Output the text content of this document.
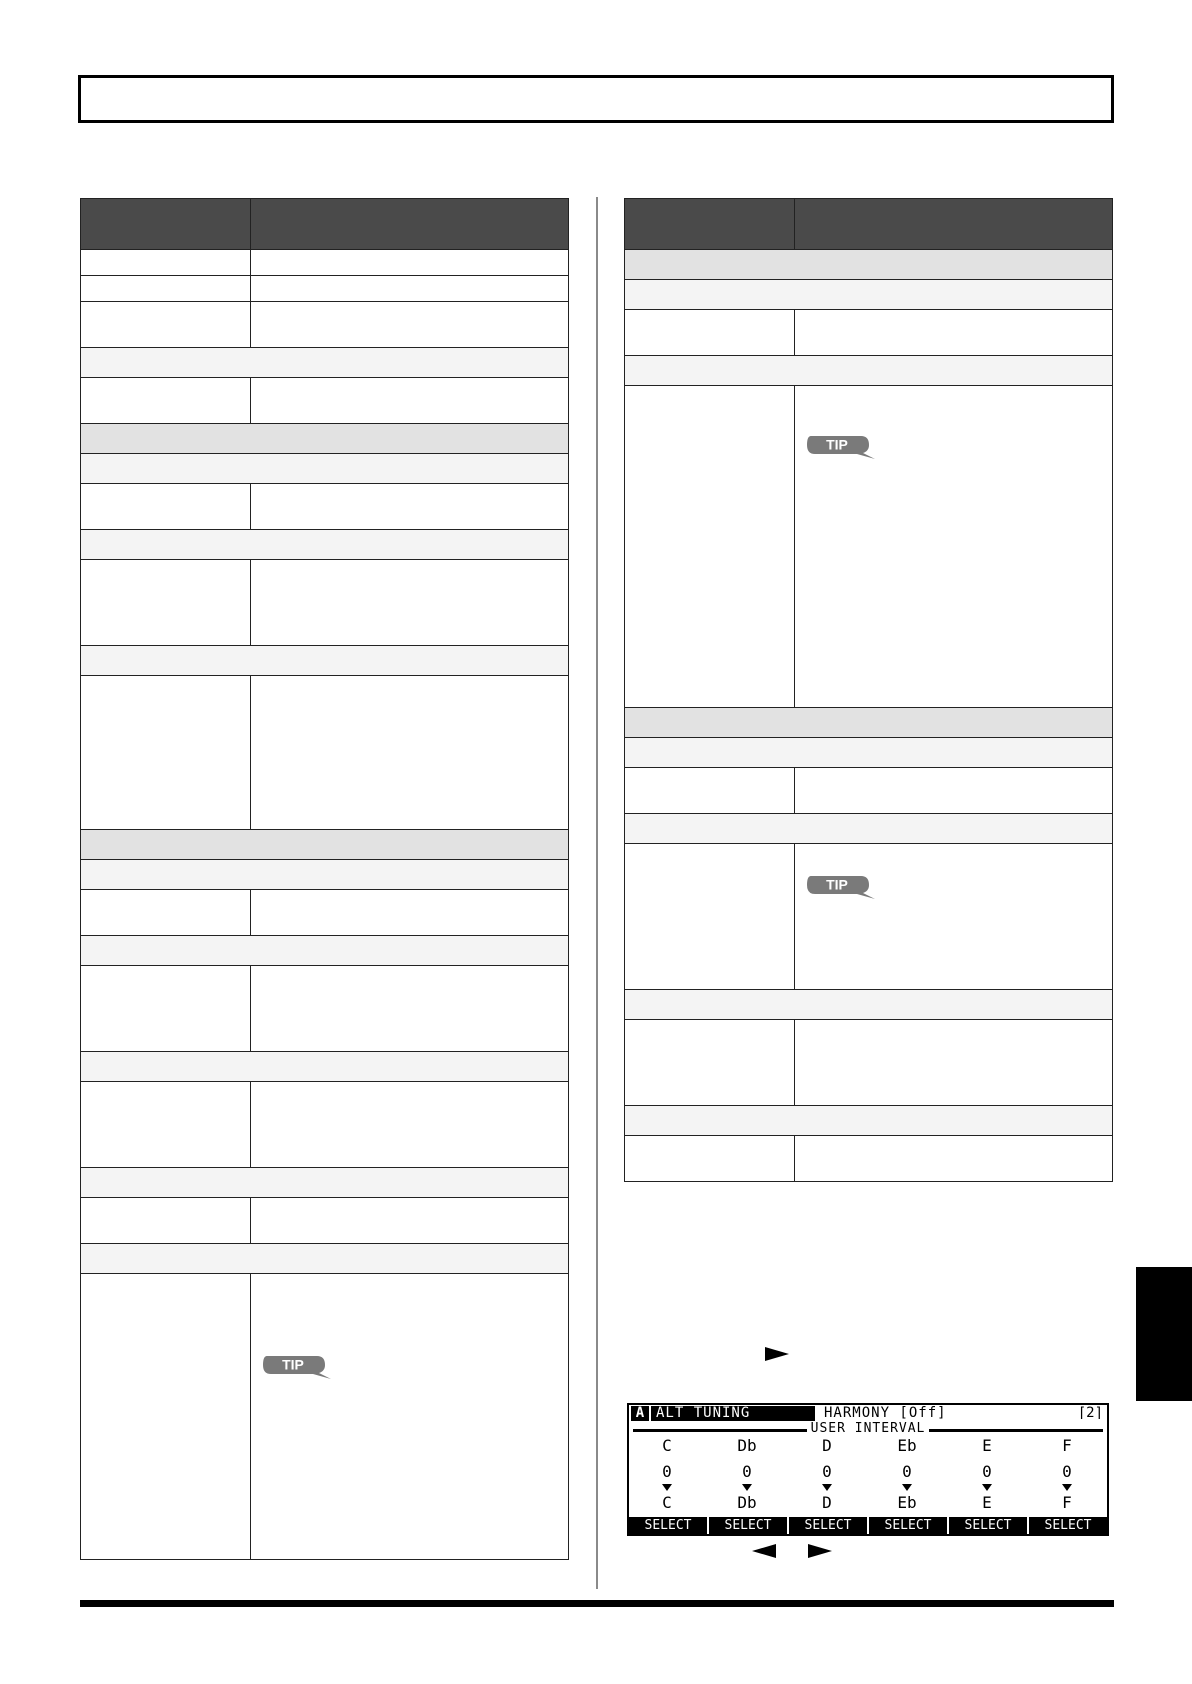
TIP

TIP

TIP

A ALT TUNING	HARMONY [Off]	⌈2⌉
USER INTERVAL
C	Db	D	Eb	E	F
0	0	0	0	0	0
C	Db	D	Eb	E	F
SELECT	SELECT	SELECT	SELECT	SELECT	SELECT
